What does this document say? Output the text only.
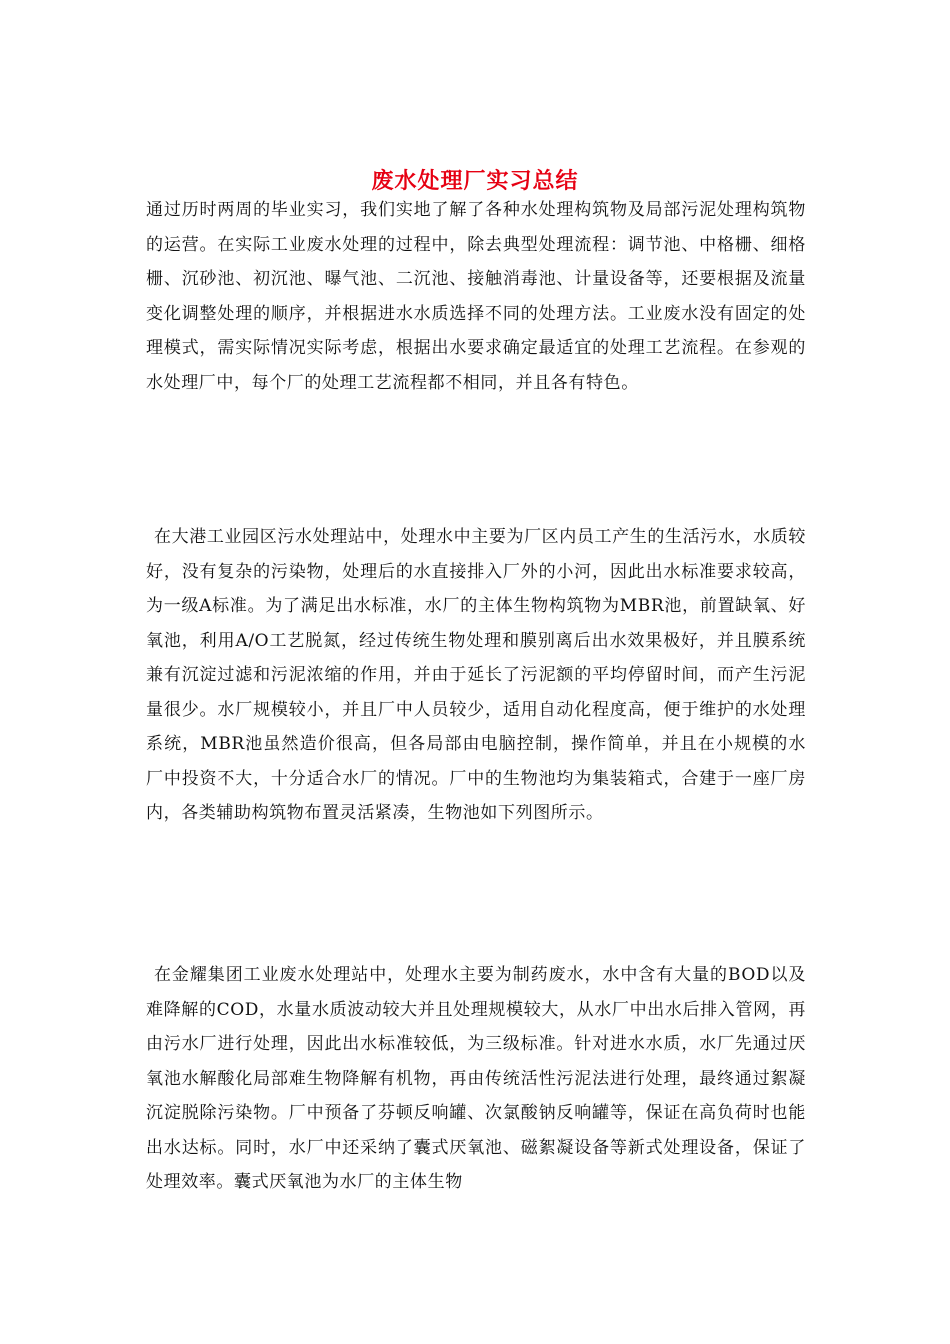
废水处理厂实习总结

通过历时两周的毕业实习，我们实地了解了各种水处理构筑物及局部污泥处理构筑物的运营。在实际工业废水处理的过程中，除去典型处理流程：调节池、中格栅、细格栅、沉砂池、初沉池、曝气池、二沉池、接触消毒池、计量设备等，还要根据及流量变化调整处理的顺序，并根据进水水质选择不同的处理方法。工业废水没有固定的处理模式，需实际情况实际考虑，根据出水要求确定最适宜的处理工艺流程。在参观的水处理厂中，每个厂的处理工艺流程都不相同，并且各有特色。

在大港工业园区污水处理站中，处理水中主要为厂区内员工产生的生活污水，水质较好，没有复杂的污染物，处理后的水直接排入厂外的小河，因此出水标准要求较高，为一级A标准。为了满足出水标准，水厂的主体生物构筑物为MBR池，前置缺氧、好氧池，利用A/O工艺脱氮，经过传统生物处理和膜别离后出水效果极好，并且膜系统兼有沉淀过滤和污泥浓缩的作用，并由于延长了污泥额的平均停留时间，而产生污泥量很少。水厂规模较小，并且厂中人员较少，适用自动化程度高，便于维护的水处理系统，MBR池虽然造价很高，但各局部由电脑控制，操作简单，并且在小规模的水厂中投资不大，十分适合水厂的情况。厂中的生物池均为集装箱式，合建于一座厂房内，各类辅助构筑物布置灵活紧凑，生物池如下列图所示。

在金耀集团工业废水处理站中，处理水主要为制药废水，水中含有大量的BOD以及难降解的COD，水量水质波动较大并且处理规模较大，从水厂中出水后排入管网，再由污水厂进行处理，因此出水标准较低，为三级标准。针对进水水质，水厂先通过厌氧池水解酸化局部难生物降解有机物，再由传统活性污泥法进行处理，最终通过絮凝沉淀脱除污染物。厂中预备了芬顿反响罐、次氯酸钠反响罐等，保证在高负荷时也能出水达标。同时，水厂中还采纳了囊式厌氧池、磁絮凝设备等新式处理设备，保证了处理效率。囊式厌氧池为水厂的主体生物
